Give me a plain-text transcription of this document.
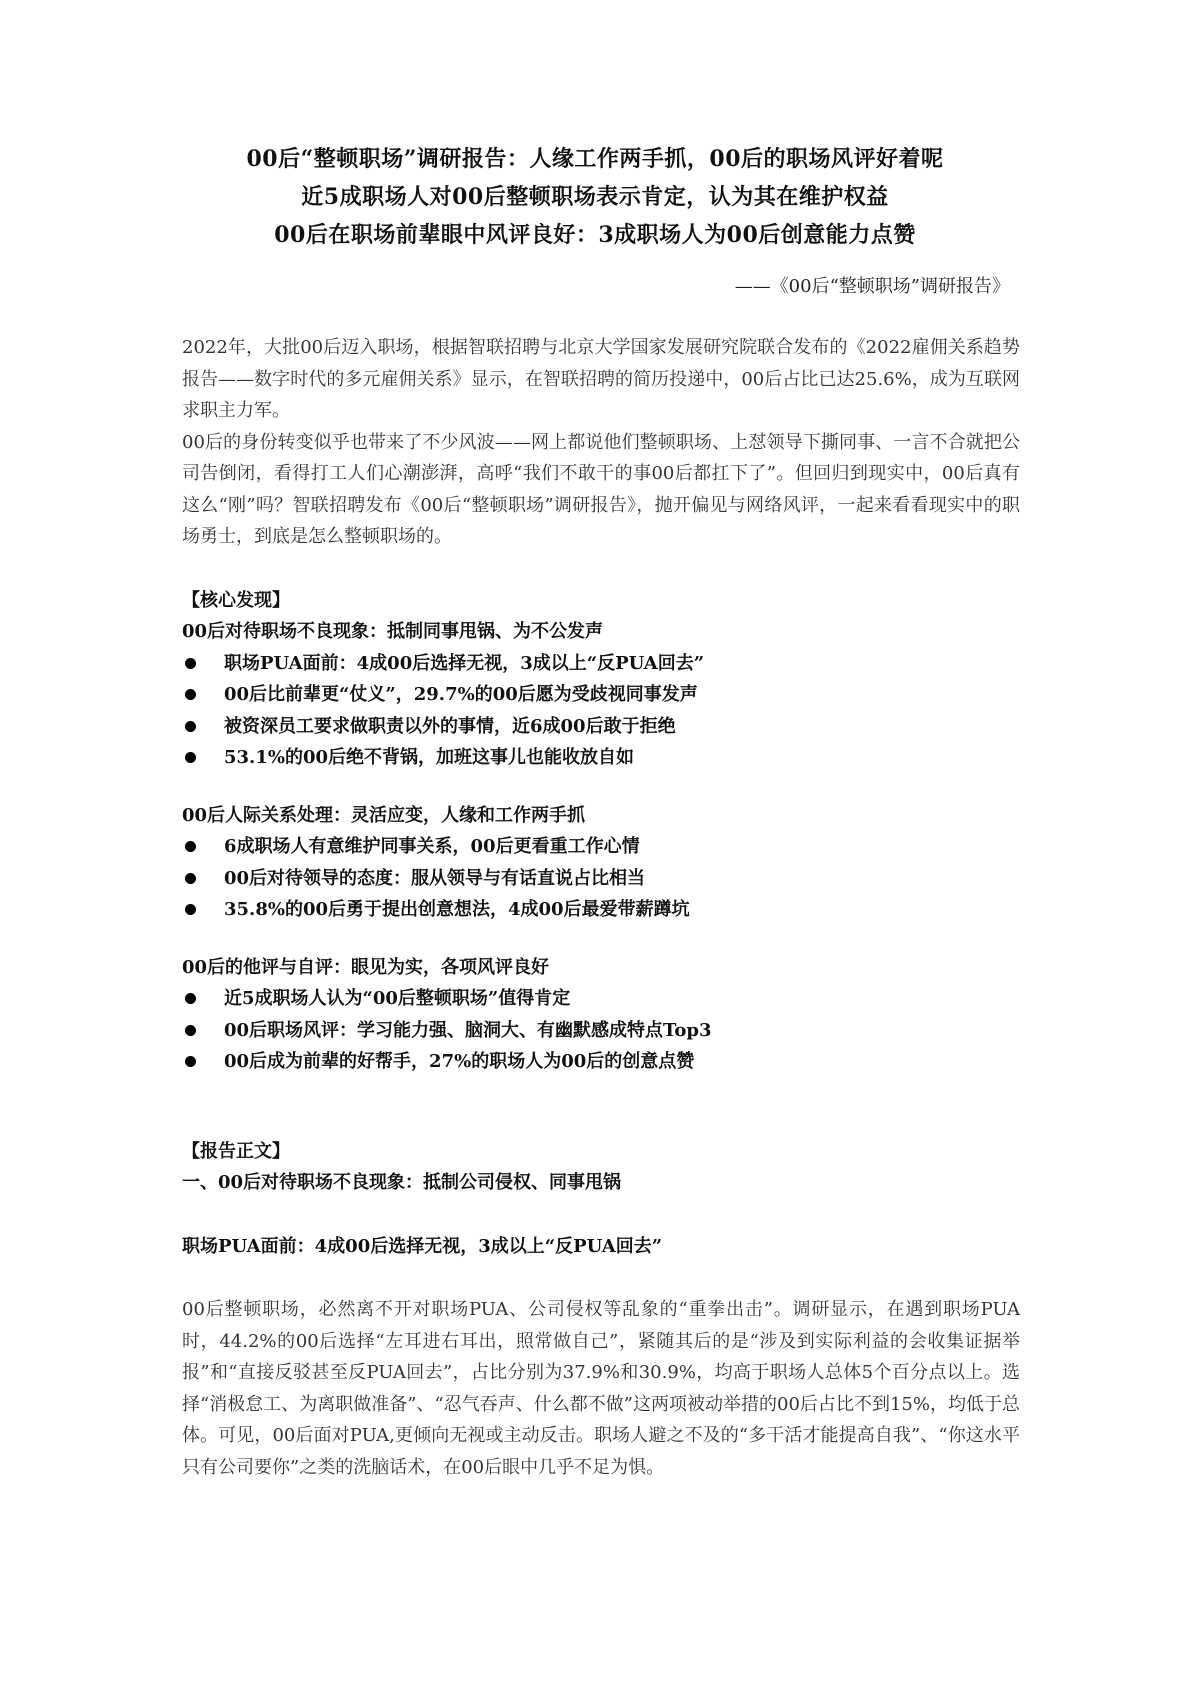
00后“整顿职场”调研报告：人缘工作两手抓，00后的职场风评好着呢
近5成职场人对00后整顿职场表示肯定，认为其在维护权益
00后在职场前辈眼中风评良好：3成职场人为00后创意能力点赞
——《00后“整顿职场”调研报告》

2022年，大批00后迈入职场，根据智联招聘与北京大学国家发展研究院联合发布的《2022雇佣关系趋势报告——数字时代的多元雇佣关系》显示，在智联招聘的简历投递中，00后占比已达25.6%，成为互联网求职主力军。

00后的身份转变似乎也带来了不少风波——网上都说他们整顿职场、上怼领导下撕同事、一言不合就把公司告倒闭，看得打工人们心潮澎湃，高呼“我们不敢干的事00后都扛下了”。但回归到现实中，00后真有这么“刚”吗？智联招聘发布《00后“整顿职场”调研报告》，抛开偏见与网络风评，一起来看看现实中的职场勇士，到底是怎么整顿职场的。

【核心发现】

00后对待职场不良现象：抵制同事甩锅、为不公发声

职场PUA面前：4成00后选择无视，3成以上“反PUA回去”
00后比前辈更“仗义”，29.7%的00后愿为受歧视同事发声
被资深员工要求做职责以外的事情，近6成00后敢于拒绝
53.1%的00后绝不背锅，加班这事儿也能收放自如

00后人际关系处理：灵活应变，人缘和工作两手抓

6成职场人有意维护同事关系，00后更看重工作心情
00后对待领导的态度：服从领导与有话直说占比相当
35.8%的00后勇于提出创意想法，4成00后最爱带薪蹲坑

00后的他评与自评：眼见为实，各项风评良好

近5成职场人认为“00后整顿职场”值得肯定
00后职场风评：学习能力强、脑洞大、有幽默感成特点Top3
00后成为前辈的好帮手，27%的职场人为00后的创意点赞

【报告正文】

一、00后对待职场不良现象：抵制公司侵权、同事甩锅

职场PUA面前：4成00后选择无视，3成以上“反PUA回去”

00后整顿职场，必然离不开对职场PUA、公司侵权等乱象的“重拳出击”。调研显示，在遇到职场PUA时，44.2%的00后选择“左耳进右耳出，照常做自己”，紧随其后的是“涉及到实际利益的会收集证据举报”和“直接反驳甚至反PUA回去”，占比分别为37.9%和30.9%，均高于职场人总体5个百分点以上。选择“消极怠工、为离职做准备”、“忍气吞声、什么都不做”这两项被动举措的00后占比不到15%，均低于总体。可见，00后面对PUA,更倾向无视或主动反击。职场人避之不及的“多干活才能提高自我”、“你这水平只有公司要你”之类的洗脑话术，在00后眼中几乎不足为惧。
